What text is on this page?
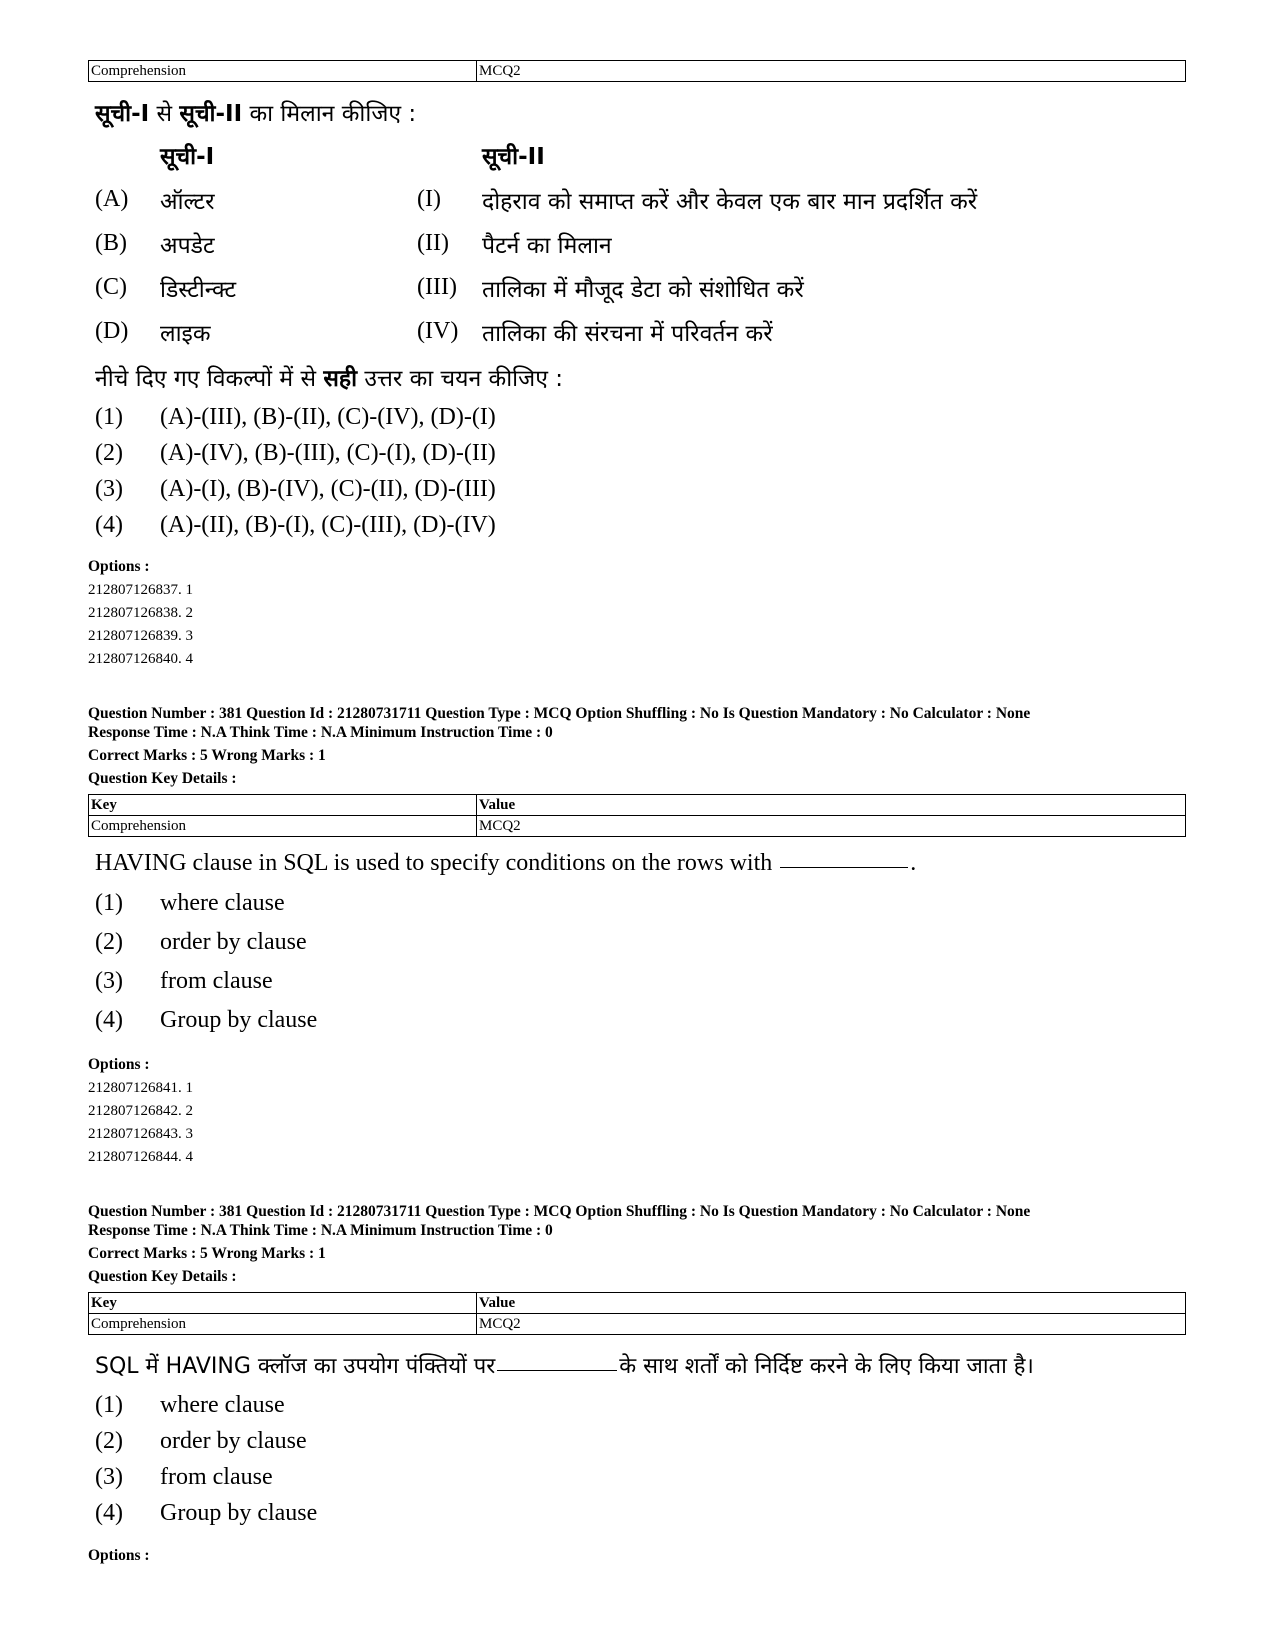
Comprehension	MCQ2
सूची-I से सूची-II का मिलान कीजिए :
सूची-I	सूची-II
(A) ऑल्टर	(I) दोहराव को समाप्त करें और केवल एक बार मान प्रदर्शित करें
(B) अपडेट	(II) पैटर्न का मिलान
(C) डिस्टीन्क्ट	(III) तालिका में मौजूद डेटा को संशोधित करें
(D) लाइक	(IV) तालिका की संरचना में परिवर्तन करें
नीचे दिए गए विकल्पों में से सही उत्तर का चयन कीजिए :
(1) (A)-(III), (B)-(II), (C)-(IV), (D)-(I)
(2) (A)-(IV), (B)-(III), (C)-(I), (D)-(II)
(3) (A)-(I), (B)-(IV), (C)-(II), (D)-(III)
(4) (A)-(II), (B)-(I), (C)-(III), (D)-(IV)
Options :
212807126837. 1
212807126838. 2
212807126839. 3
212807126840. 4
Question Number : 381 Question Id : 21280731711 Question Type : MCQ Option Shuffling : No Is Question Mandatory : No Calculator : None
Response Time : N.A Think Time : N.A Minimum Instruction Time : 0
Correct Marks : 5 Wrong Marks : 1
Question Key Details :
Key	Value
Comprehension	MCQ2
HAVING clause in SQL is used to specify conditions on the rows with	.
(1) where clause
(2) order by clause
(3) from clause
(4) Group by clause
Options :
212807126841. 1
212807126842. 2
212807126843. 3
212807126844. 4
Question Number : 381 Question Id : 21280731711 Question Type : MCQ Option Shuffling : No Is Question Mandatory : No Calculator : None
Response Time : N.A Think Time : N.A Minimum Instruction Time : 0
Correct Marks : 5 Wrong Marks : 1
Question Key Details :
Key	Value
Comprehension	MCQ2
SQL में HAVING क्लॉज का उपयोग पंक्तियों पर	के साथ शर्तों को निर्दिष्ट करने के लिए किया जाता है।
(1) where clause
(2) order by clause
(3) from clause
(4) Group by clause
Options :
